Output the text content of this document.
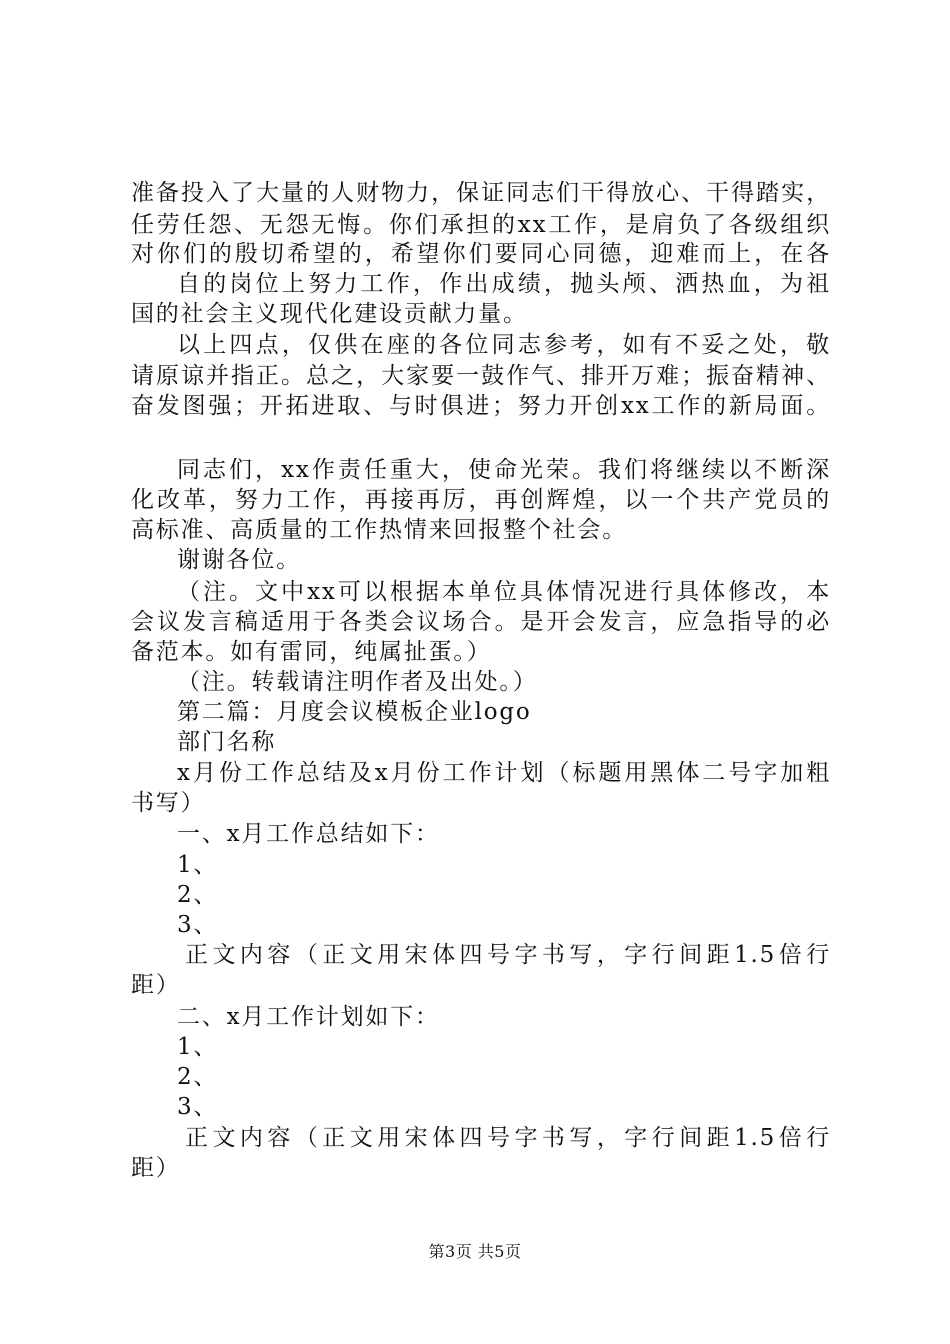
准备投入了大量的人财物力，保证同志们干得放心、干得踏实，
任劳任怨、无怨无悔。你们承担的xx工作，是肩负了各级组织
对你们的殷切希望的，希望你们要同心同德，迎难而上，在各
自的岗位上努力工作，作出成绩，抛头颅、洒热血，为祖
国的社会主义现代化建设贡献力量。
以上四点，仅供在座的各位同志参考，如有不妥之处，敬
请原谅并指正。总之，大家要一鼓作气、排开万难；振奋精神、
奋发图强；开拓进取、与时俱进；努力开创xx工作的新局面。
同志们，xx作责任重大，使命光荣。我们将继续以不断深
化改革，努力工作，再接再厉，再创辉煌，以一个共产党员的
高标准、高质量的工作热情来回报整个社会。
谢谢各位。
（注。文中xx可以根据本单位具体情况进行具体修改，本
会议发言稿适用于各类会议场合。是开会发言，应急指导的必
备范本。如有雷同，纯属扯蛋。）
（注。转载请注明作者及出处。）
第二篇：月度会议模板企业logo
部门名称
x月份工作总结及x月份工作计划（标题用黑体二号字加粗
书写）
一、x月工作总结如下：
1、
2、
3、
正文内容（正文用宋体四号字书写，字行间距1.5倍行
距）
二、x月工作计划如下：
1、
2、
3、
正文内容（正文用宋体四号字书写，字行间距1.5倍行
距）
第3页 共5页
